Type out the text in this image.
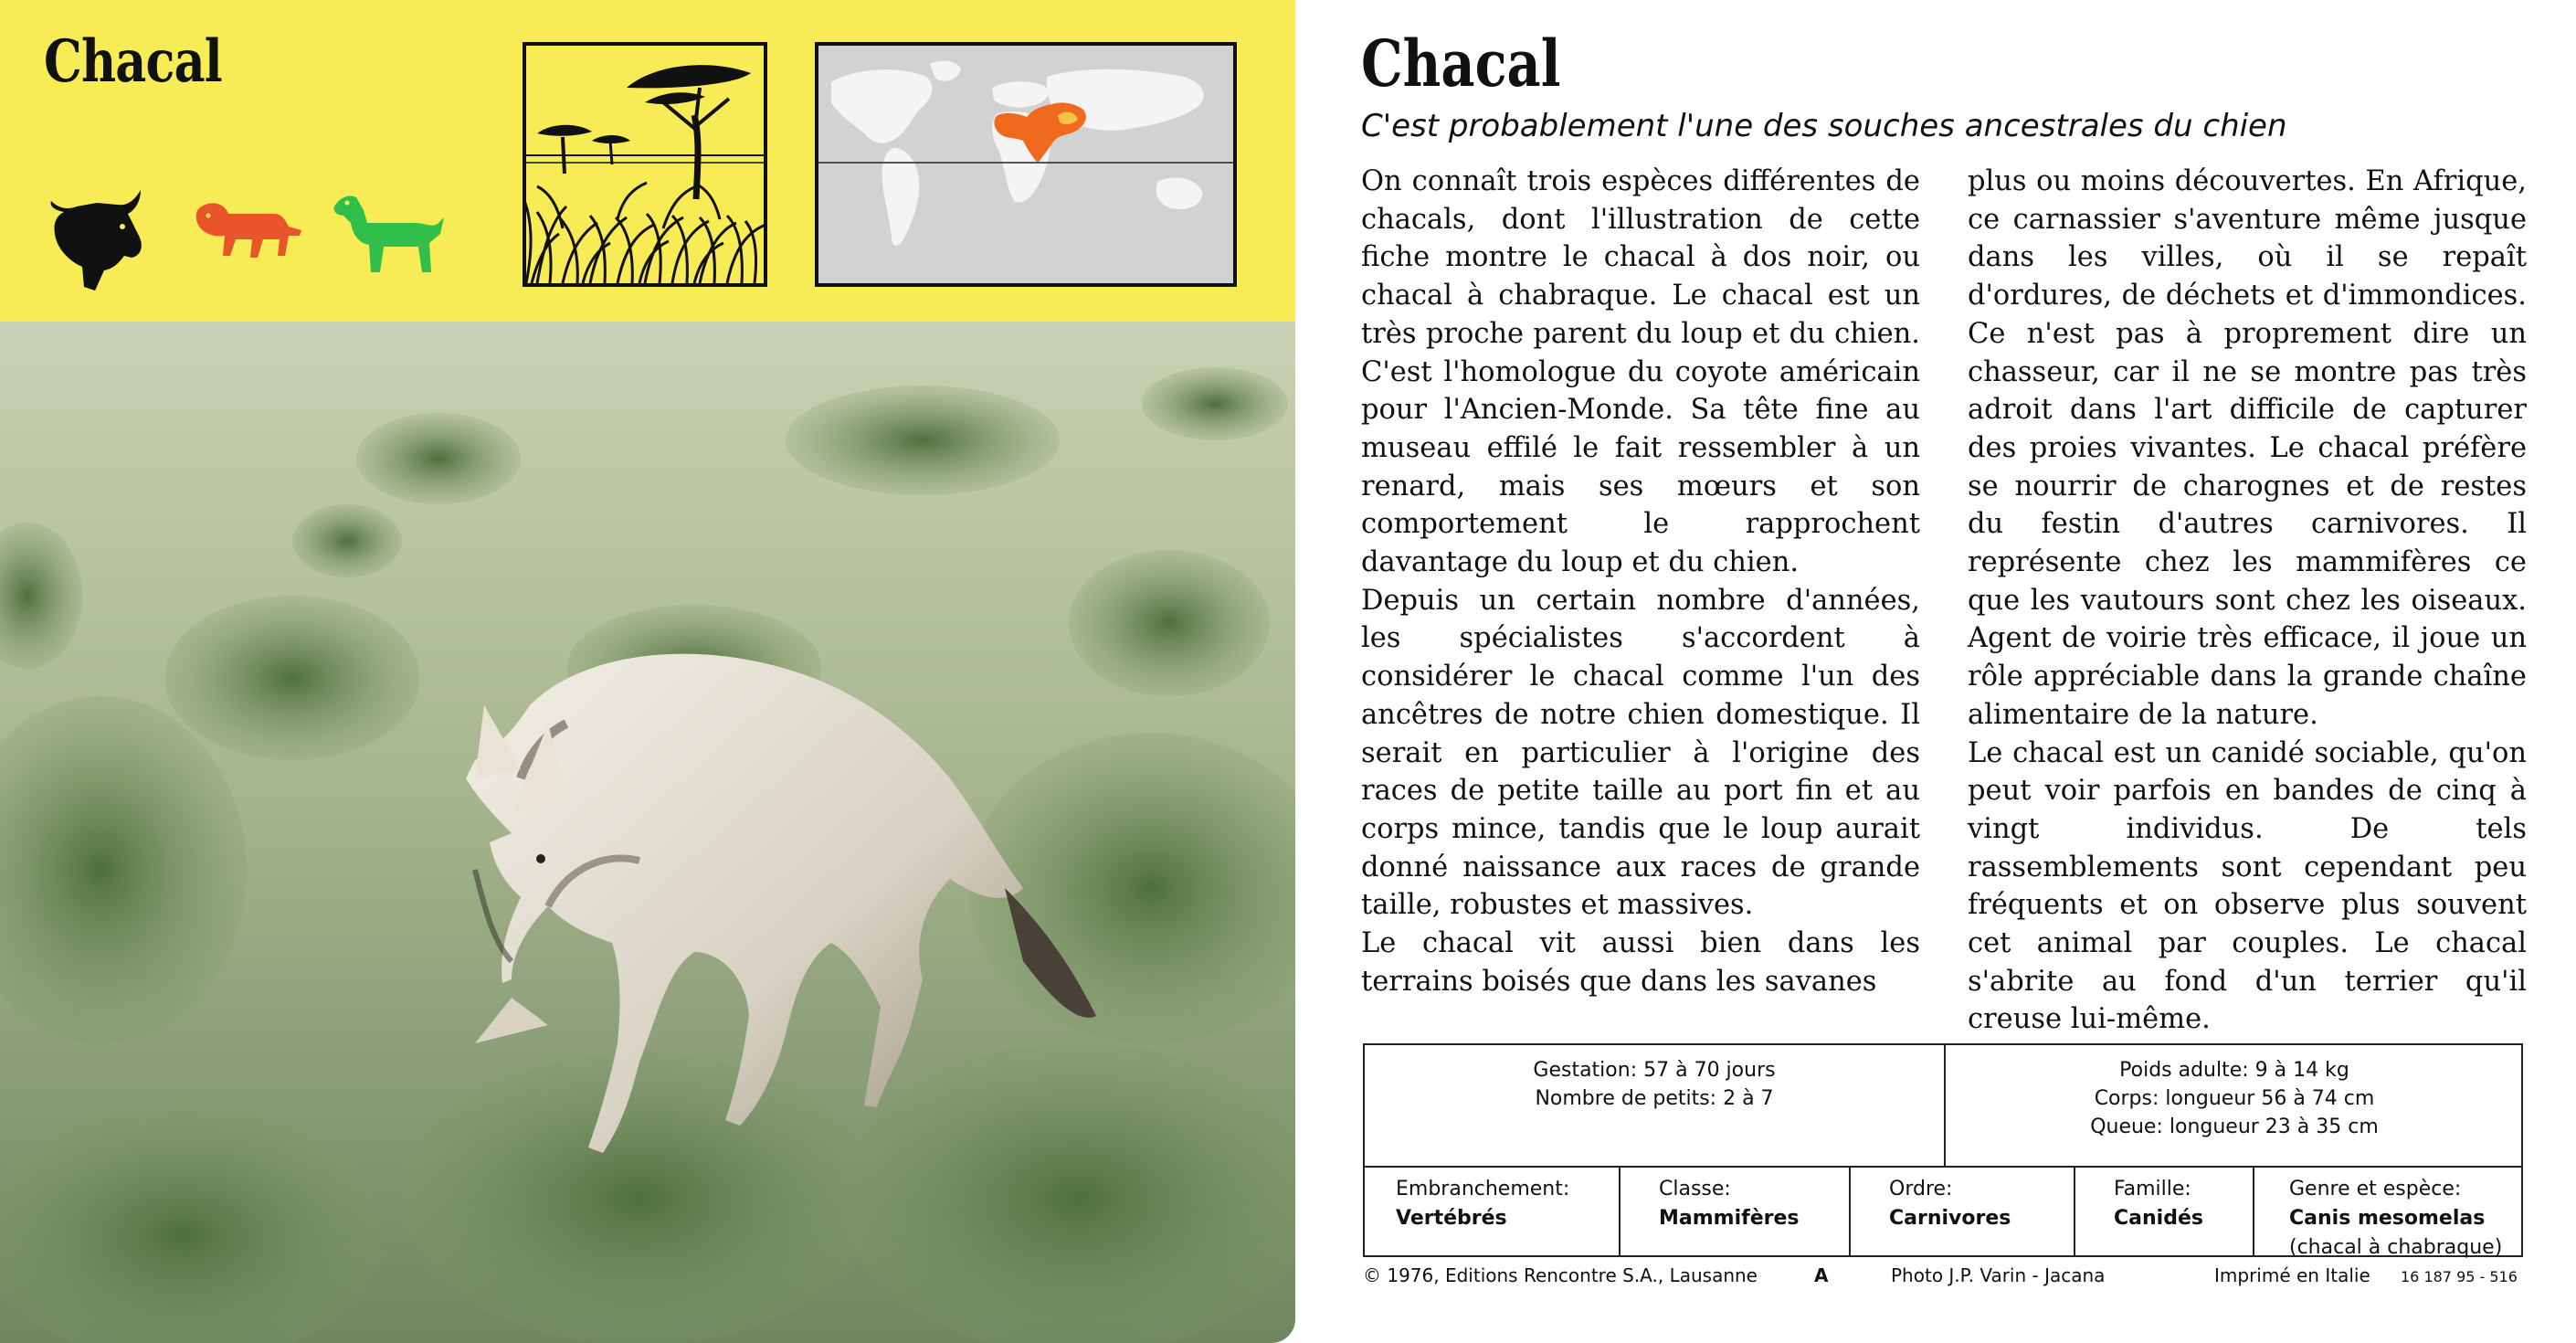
Chacal	Chacal
C'est probablement l'une des souches ancestrales du chien

On connaît trois espèces différentes de chacals, dont l'illustration de cette fiche montre le chacal à dos noir, ou chacal à chabraque. Le chacal est un très proche parent du loup et du chien. C'est l'homologue du coyote américain pour l'Ancien-Monde. Sa tête fine au museau effilé le fait ressembler à un renard, mais ses mœurs et son comportement le rapprochent davantage du loup et du chien.

Depuis un certain nombre d'années, les spécialistes s'accordent à considérer le chacal comme l'un des ancêtres de notre chien domestique. Il serait en particulier à l'origine des races de petite taille au port fin et au corps mince, tandis que le loup aurait donné naissance aux races de grande taille, robustes et massives.

Le chacal vit aussi bien dans les terrains boisés que dans les savanes

plus ou moins découvertes. En Afrique, ce carnassier s'aventure même jusque dans les villes, où il se repaît d'ordures, de déchets et d'immondices. Ce n'est pas à proprement dire un chasseur, car il ne se montre pas très adroit dans l'art difficile de capturer des proies vivantes. Le chacal préfère se nourrir de charognes et de restes du festin d'autres carnivores. Il représente chez les mammifères ce que les vautours sont chez les oiseaux. Agent de voirie très efficace, il joue un rôle appréciable dans la grande chaîne alimentaire de la nature.

Le chacal est un canidé sociable, qu'on peut voir parfois en bandes de cinq à vingt individus. De tels rassemblements sont cependant peu fréquents et on observe plus souvent cet animal par couples. Le chacal s'abrite au fond d'un terrier qu'il creuse lui-même.

Gestation: 57 à 70 jours
Nombre de petits: 2 à 7
Poids adulte: 9 à 14 kg
Corps: longueur 56 à 74 cm
Queue: longueur 23 à 35 cm
Embranchement:
Vertébrés
Classe:
Mammifères
Ordre:
Carnivores
Famille:
Canidés
Genre et espèce:
Canis mesomelas
(chacal à chabraque)
© 1976, Editions Rencontre S.A., Lausanne	A	Photo J.P. Varin - Jacana	Imprimé en Italie 16 187 95 - 516
